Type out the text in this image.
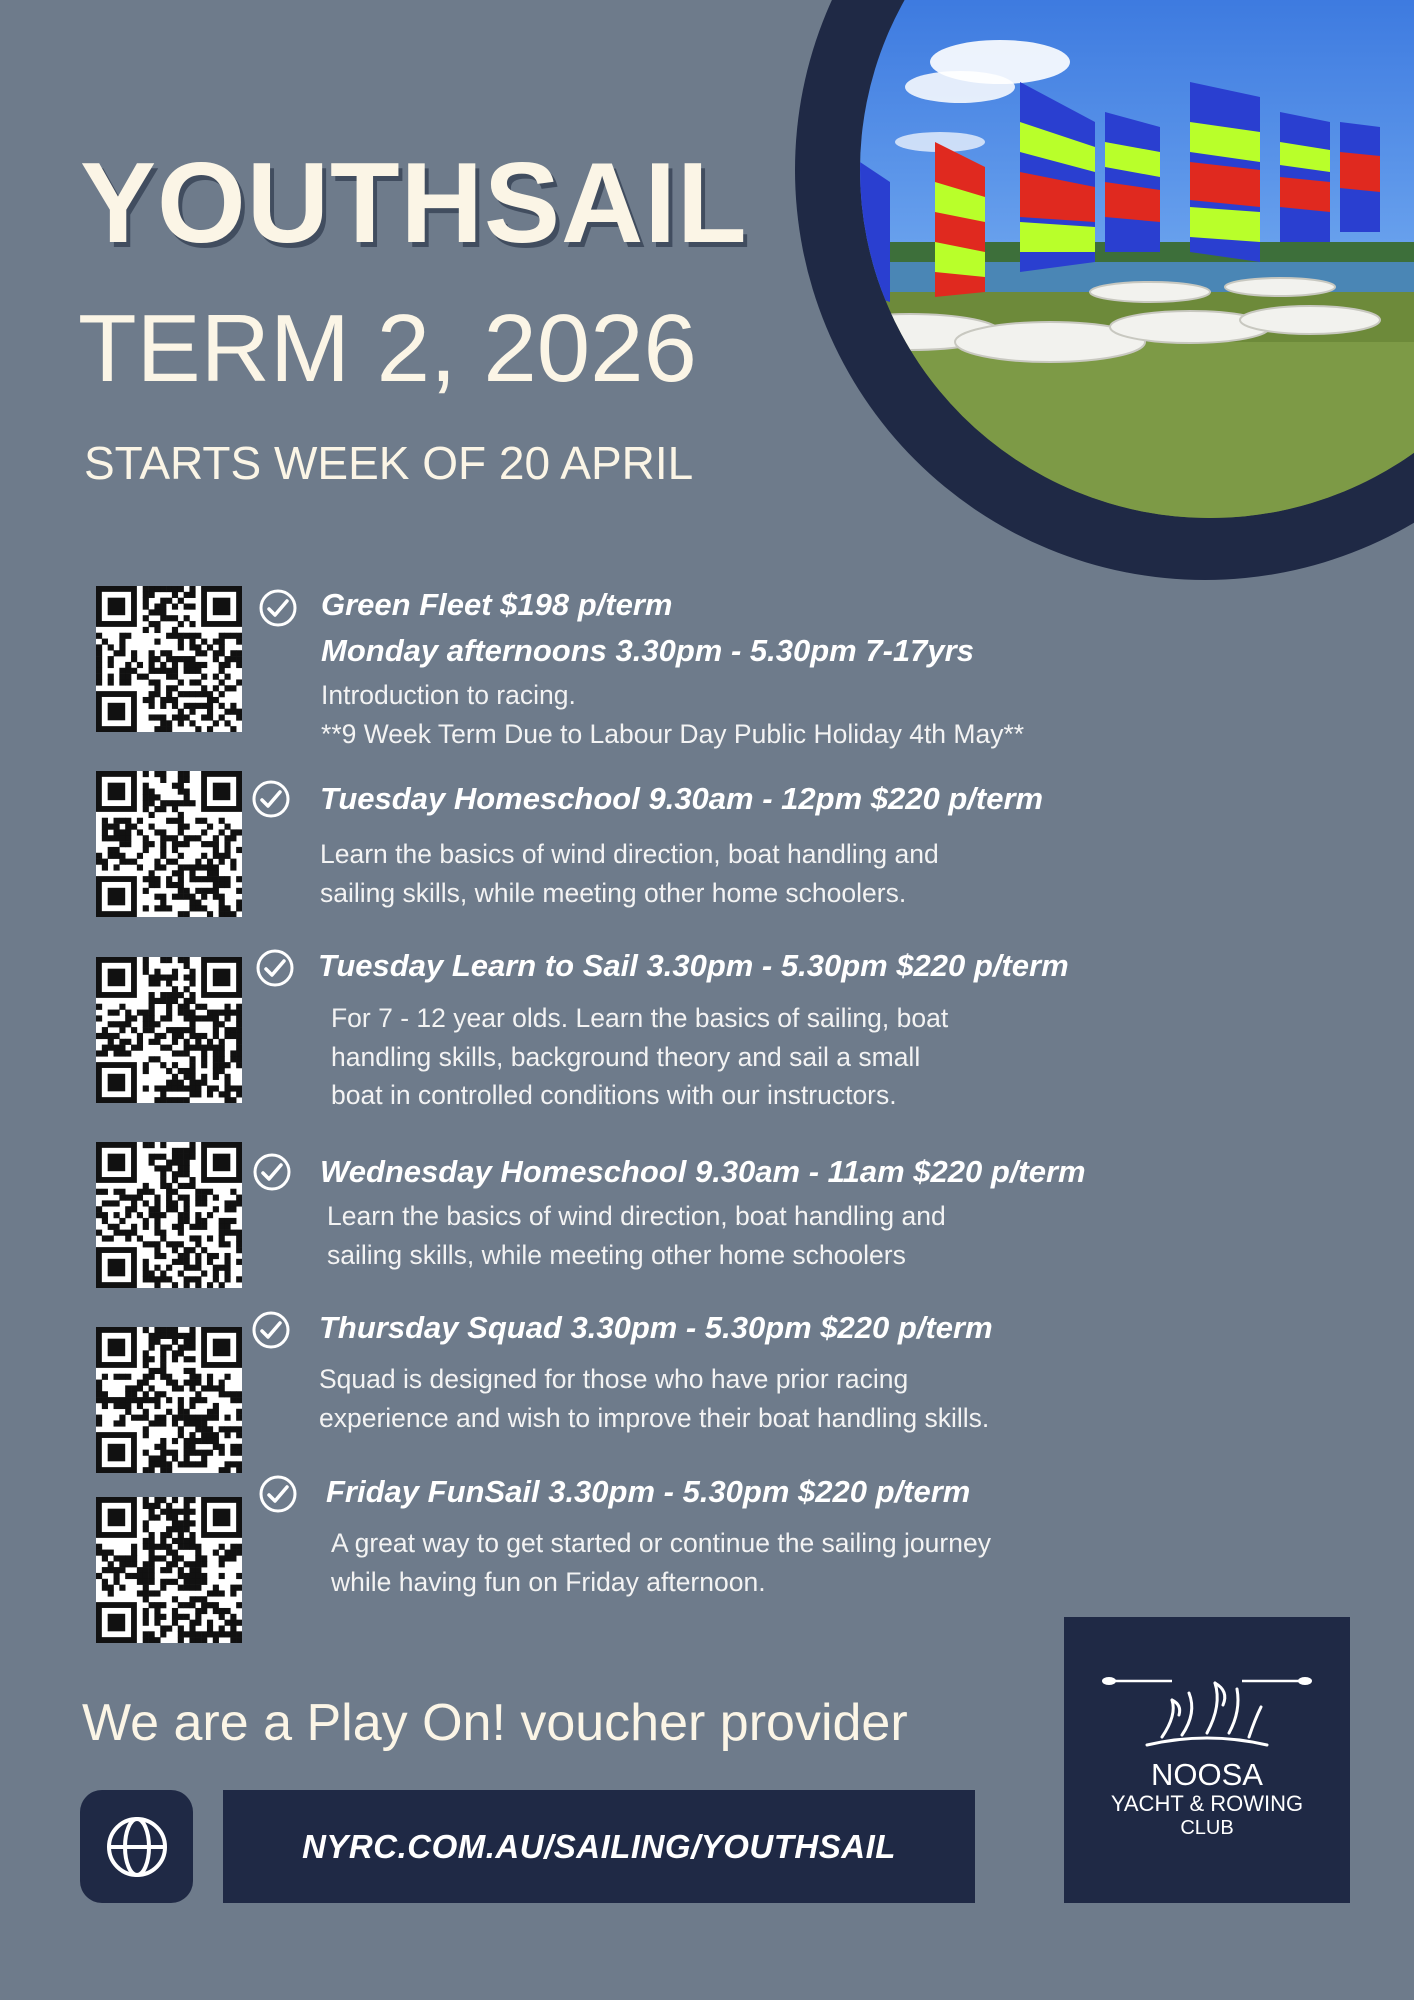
YOUTHSAIL
TERM 2, 2026
STARTS WEEK OF 20 APRIL
Green Fleet $198 p/term
Monday afternoons 3.30pm - 5.30pm 7-17yrs
Introduction to racing.
**9 Week Term Due to Labour Day Public Holiday 4th May**
Tuesday Homeschool 9.30am - 12pm $220 p/term
Learn the basics of wind direction, boat handling and
sailing skills, while meeting other home schoolers.
Tuesday Learn to Sail 3.30pm - 5.30pm $220 p/term
For 7 - 12 year olds. Learn the basics of sailing, boat
handling skills, background theory and sail a small
boat in controlled conditions with our instructors.
Wednesday Homeschool 9.30am - 11am $220 p/term
Learn the basics of wind direction, boat handling and
sailing skills, while meeting other home schoolers
Thursday Squad 3.30pm - 5.30pm $220 p/term
Squad is designed for those who have prior racing
experience and wish to improve their boat handling skills.
Friday FunSail 3.30pm - 5.30pm $220 p/term
A great way to get started or continue the sailing journey
while having fun on Friday afternoon.
We are a Play On! voucher provider
NYRC.COM.AU/SAILING/YOUTHSAIL
NOOSA
YACHT & ROWING
CLUB
